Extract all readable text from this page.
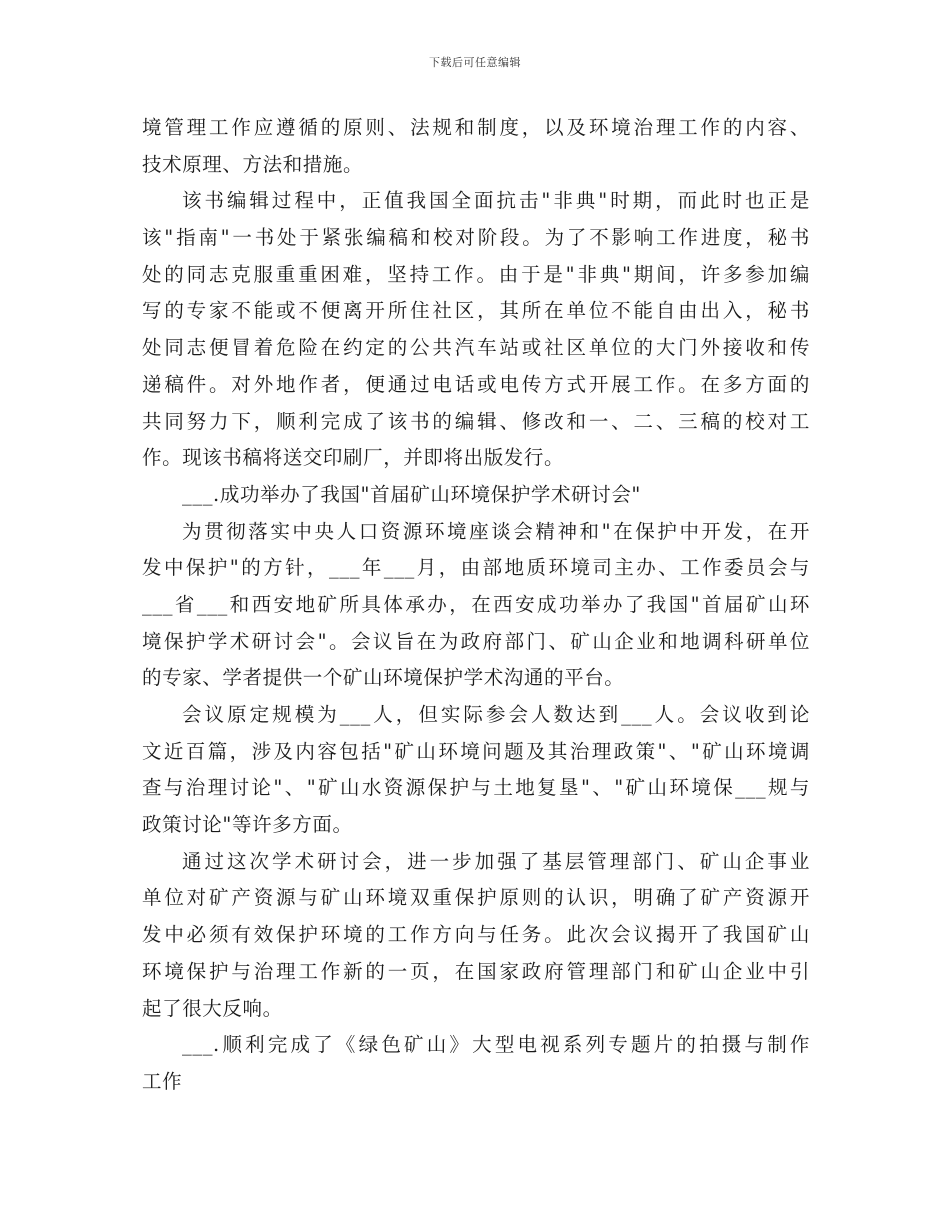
下载后可任意编辑
境管理工作应遵循的原则、法规和制度，以及环境治理工作的内容、
技术原理、方法和措施。
该书编辑过程中，正值我国全面抗击"非典"时期，而此时也正是
该"指南"一书处于紧张编稿和校对阶段。为了不影响工作进度，秘书
处的同志克服重重困难，坚持工作。由于是"非典"期间，许多参加编
写的专家不能或不便离开所住社区，其所在单位不能自由出入，秘书
处同志便冒着危险在约定的公共汽车站或社区单位的大门外接收和传
递稿件。对外地作者，便通过电话或电传方式开展工作。在多方面的
共同努力下，顺利完成了该书的编辑、修改和一、二、三稿的校对工
作。现该书稿将送交印刷厂，并即将出版发行。
___.成功举办了我国"首届矿山环境保护学术研讨会"
为贯彻落实中央人口资源环境座谈会精神和"在保护中开发，在开
发中保护"的方针，___年___月，由部地质环境司主办、工作委员会与
___省___和西安地矿所具体承办，在西安成功举办了我国"首届矿山环
境保护学术研讨会"。会议旨在为政府部门、矿山企业和地调科研单位
的专家、学者提供一个矿山环境保护学术沟通的平台。
会议原定规模为___人，但实际参会人数达到___人。会议收到论
文近百篇，涉及内容包括"矿山环境问题及其治理政策"、"矿山环境调
查与治理讨论"、"矿山水资源保护与土地复垦"、"矿山环境保___规与
政策讨论"等许多方面。
通过这次学术研讨会，进一步加强了基层管理部门、矿山企事业
单位对矿产资源与矿山环境双重保护原则的认识，明确了矿产资源开
发中必须有效保护环境的工作方向与任务。此次会议揭开了我国矿山
环境保护与治理工作新的一页，在国家政府管理部门和矿山企业中引
起了很大反响。
___.顺利完成了《绿色矿山》大型电视系列专题片的拍摄与制作
工作
